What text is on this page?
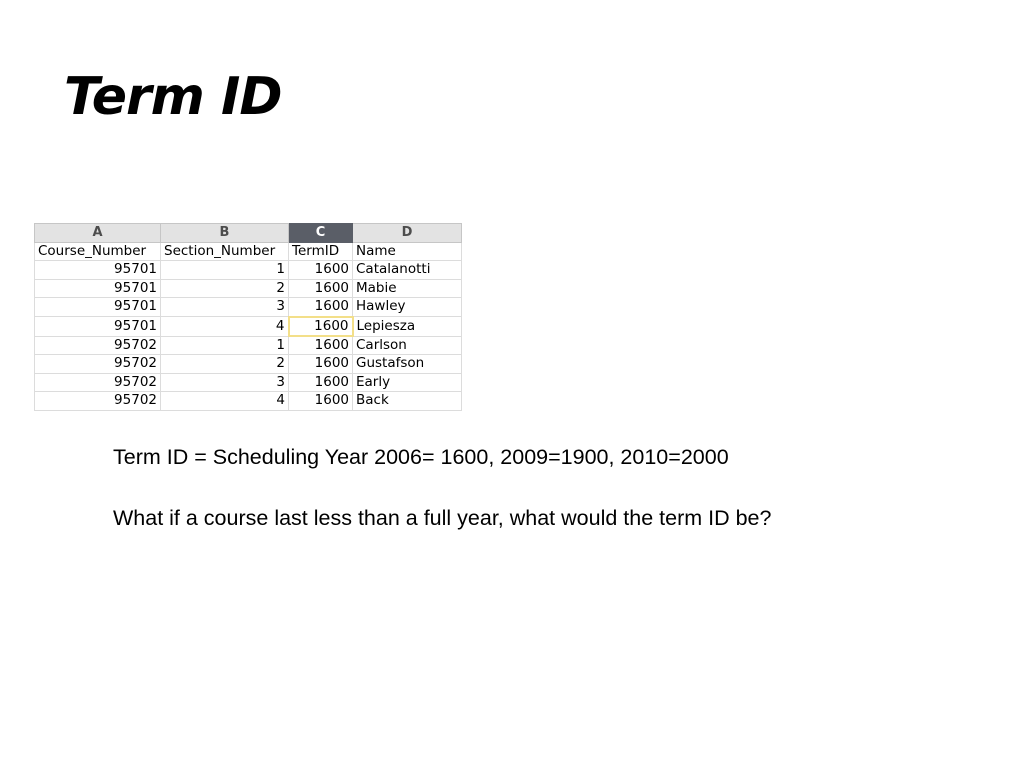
Term ID
A	B	C	D
Course_Number	Section_Number	TermID	Name
95701	1	1600	Catalanotti
95701	2	1600	Mabie
95701	3	1600	Hawley
95701	4	1600	Lepiesza
95702	1	1600	Carlson
95702	2	1600	Gustafson
95702	3	1600	Early
95702	4	1600	Back

Term ID = Scheduling Year 2006= 1600, 2009=1900, 2010=2000

What if a course last less than a full year, what would the term ID be?
